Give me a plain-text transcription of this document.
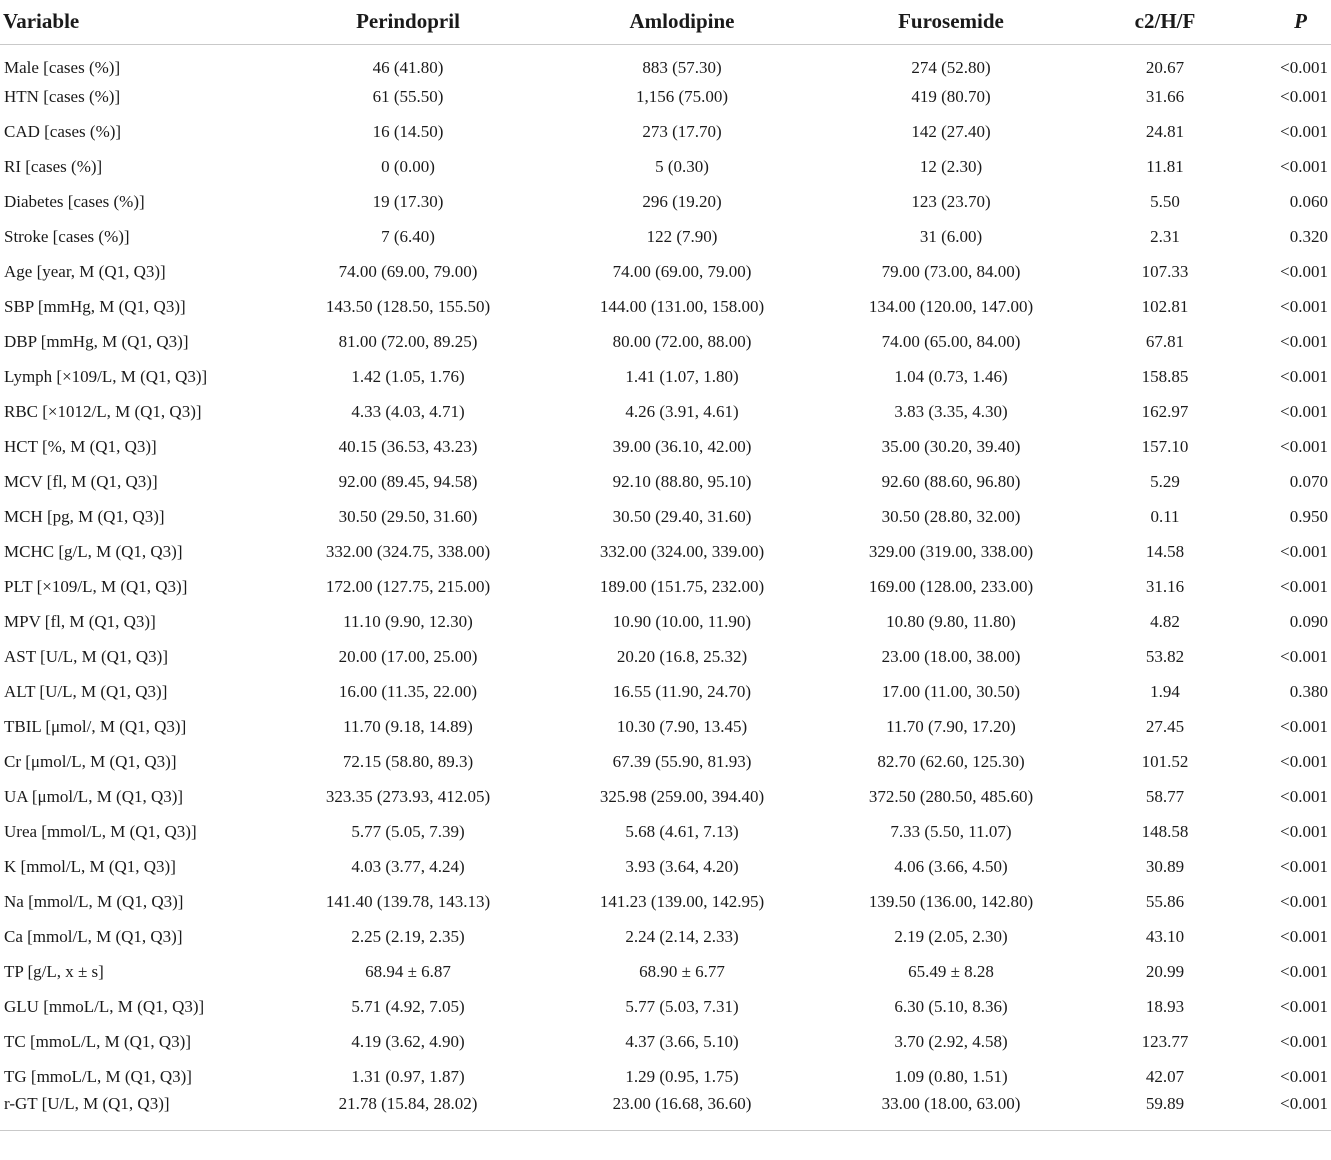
Variable	Perindopril	Amlodipine	Furosemide	c2/H/F	P
Male [cases (%)]	46 (41.80)	883 (57.30)	274 (52.80)	20.67	<0.001
HTN [cases (%)]	61 (55.50)	1,156 (75.00)	419 (80.70)	31.66	<0.001
CAD [cases (%)]	16 (14.50)	273 (17.70)	142 (27.40)	24.81	<0.001
RI [cases (%)]	0 (0.00)	5 (0.30)	12 (2.30)	11.81	<0.001
Diabetes [cases (%)]	19 (17.30)	296 (19.20)	123 (23.70)	5.50	0.060
Stroke [cases (%)]	7 (6.40)	122 (7.90)	31 (6.00)	2.31	0.320
Age [year, M (Q1, Q3)]	74.00 (69.00, 79.00)	74.00 (69.00, 79.00)	79.00 (73.00, 84.00)	107.33	<0.001
SBP [mmHg, M (Q1, Q3)]	143.50 (128.50, 155.50)	144.00 (131.00, 158.00)	134.00 (120.00, 147.00)	102.81	<0.001
DBP [mmHg, M (Q1, Q3)]	81.00 (72.00, 89.25)	80.00 (72.00, 88.00)	74.00 (65.00, 84.00)	67.81	<0.001
Lymph [×109/L, M (Q1, Q3)]	1.42 (1.05, 1.76)	1.41 (1.07, 1.80)	1.04 (0.73, 1.46)	158.85	<0.001
RBC [×1012/L, M (Q1, Q3)]	4.33 (4.03, 4.71)	4.26 (3.91, 4.61)	3.83 (3.35, 4.30)	162.97	<0.001
HCT [%, M (Q1, Q3)]	40.15 (36.53, 43.23)	39.00 (36.10, 42.00)	35.00 (30.20, 39.40)	157.10	<0.001
MCV [fl, M (Q1, Q3)]	92.00 (89.45, 94.58)	92.10 (88.80, 95.10)	92.60 (88.60, 96.80)	5.29	0.070
MCH [pg, M (Q1, Q3)]	30.50 (29.50, 31.60)	30.50 (29.40, 31.60)	30.50 (28.80, 32.00)	0.11	0.950
MCHC [g/L, M (Q1, Q3)]	332.00 (324.75, 338.00)	332.00 (324.00, 339.00)	329.00 (319.00, 338.00)	14.58	<0.001
PLT [×109/L, M (Q1, Q3)]	172.00 (127.75, 215.00)	189.00 (151.75, 232.00)	169.00 (128.00, 233.00)	31.16	<0.001
MPV [fl, M (Q1, Q3)]	11.10 (9.90, 12.30)	10.90 (10.00, 11.90)	10.80 (9.80, 11.80)	4.82	0.090
AST [U/L, M (Q1, Q3)]	20.00 (17.00, 25.00)	20.20 (16.8, 25.32)	23.00 (18.00, 38.00)	53.82	<0.001
ALT [U/L, M (Q1, Q3)]	16.00 (11.35, 22.00)	16.55 (11.90, 24.70)	17.00 (11.00, 30.50)	1.94	0.380
TBIL [μmol/, M (Q1, Q3)]	11.70 (9.18, 14.89)	10.30 (7.90, 13.45)	11.70 (7.90, 17.20)	27.45	<0.001
Cr [μmol/L, M (Q1, Q3)]	72.15 (58.80, 89.3)	67.39 (55.90, 81.93)	82.70 (62.60, 125.30)	101.52	<0.001
UA [μmol/L, M (Q1, Q3)]	323.35 (273.93, 412.05)	325.98 (259.00, 394.40)	372.50 (280.50, 485.60)	58.77	<0.001
Urea [mmol/L, M (Q1, Q3)]	5.77 (5.05, 7.39)	5.68 (4.61, 7.13)	7.33 (5.50, 11.07)	148.58	<0.001
K [mmol/L, M (Q1, Q3)]	4.03 (3.77, 4.24)	3.93 (3.64, 4.20)	4.06 (3.66, 4.50)	30.89	<0.001
Na [mmol/L, M (Q1, Q3)]	141.40 (139.78, 143.13)	141.23 (139.00, 142.95)	139.50 (136.00, 142.80)	55.86	<0.001
Ca [mmol/L, M (Q1, Q3)]	2.25 (2.19, 2.35)	2.24 (2.14, 2.33)	2.19 (2.05, 2.30)	43.10	<0.001
TP [g/L, x ± s]	68.94 ± 6.87	68.90 ± 6.77	65.49 ± 8.28	20.99	<0.001
GLU [mmoL/L, M (Q1, Q3)]	5.71 (4.92, 7.05)	5.77 (5.03, 7.31)	6.30 (5.10, 8.36)	18.93	<0.001
TC [mmoL/L, M (Q1, Q3)]	4.19 (3.62, 4.90)	4.37 (3.66, 5.10)	3.70 (2.92, 4.58)	123.77	<0.001
TG [mmoL/L, M (Q1, Q3)]	1.31 (0.97, 1.87)	1.29 (0.95, 1.75)	1.09 (0.80, 1.51)	42.07	<0.001
r-GT [U/L, M (Q1, Q3)]	21.78 (15.84, 28.02)	23.00 (16.68, 36.60)	33.00 (18.00, 63.00)	59.89	<0.001
